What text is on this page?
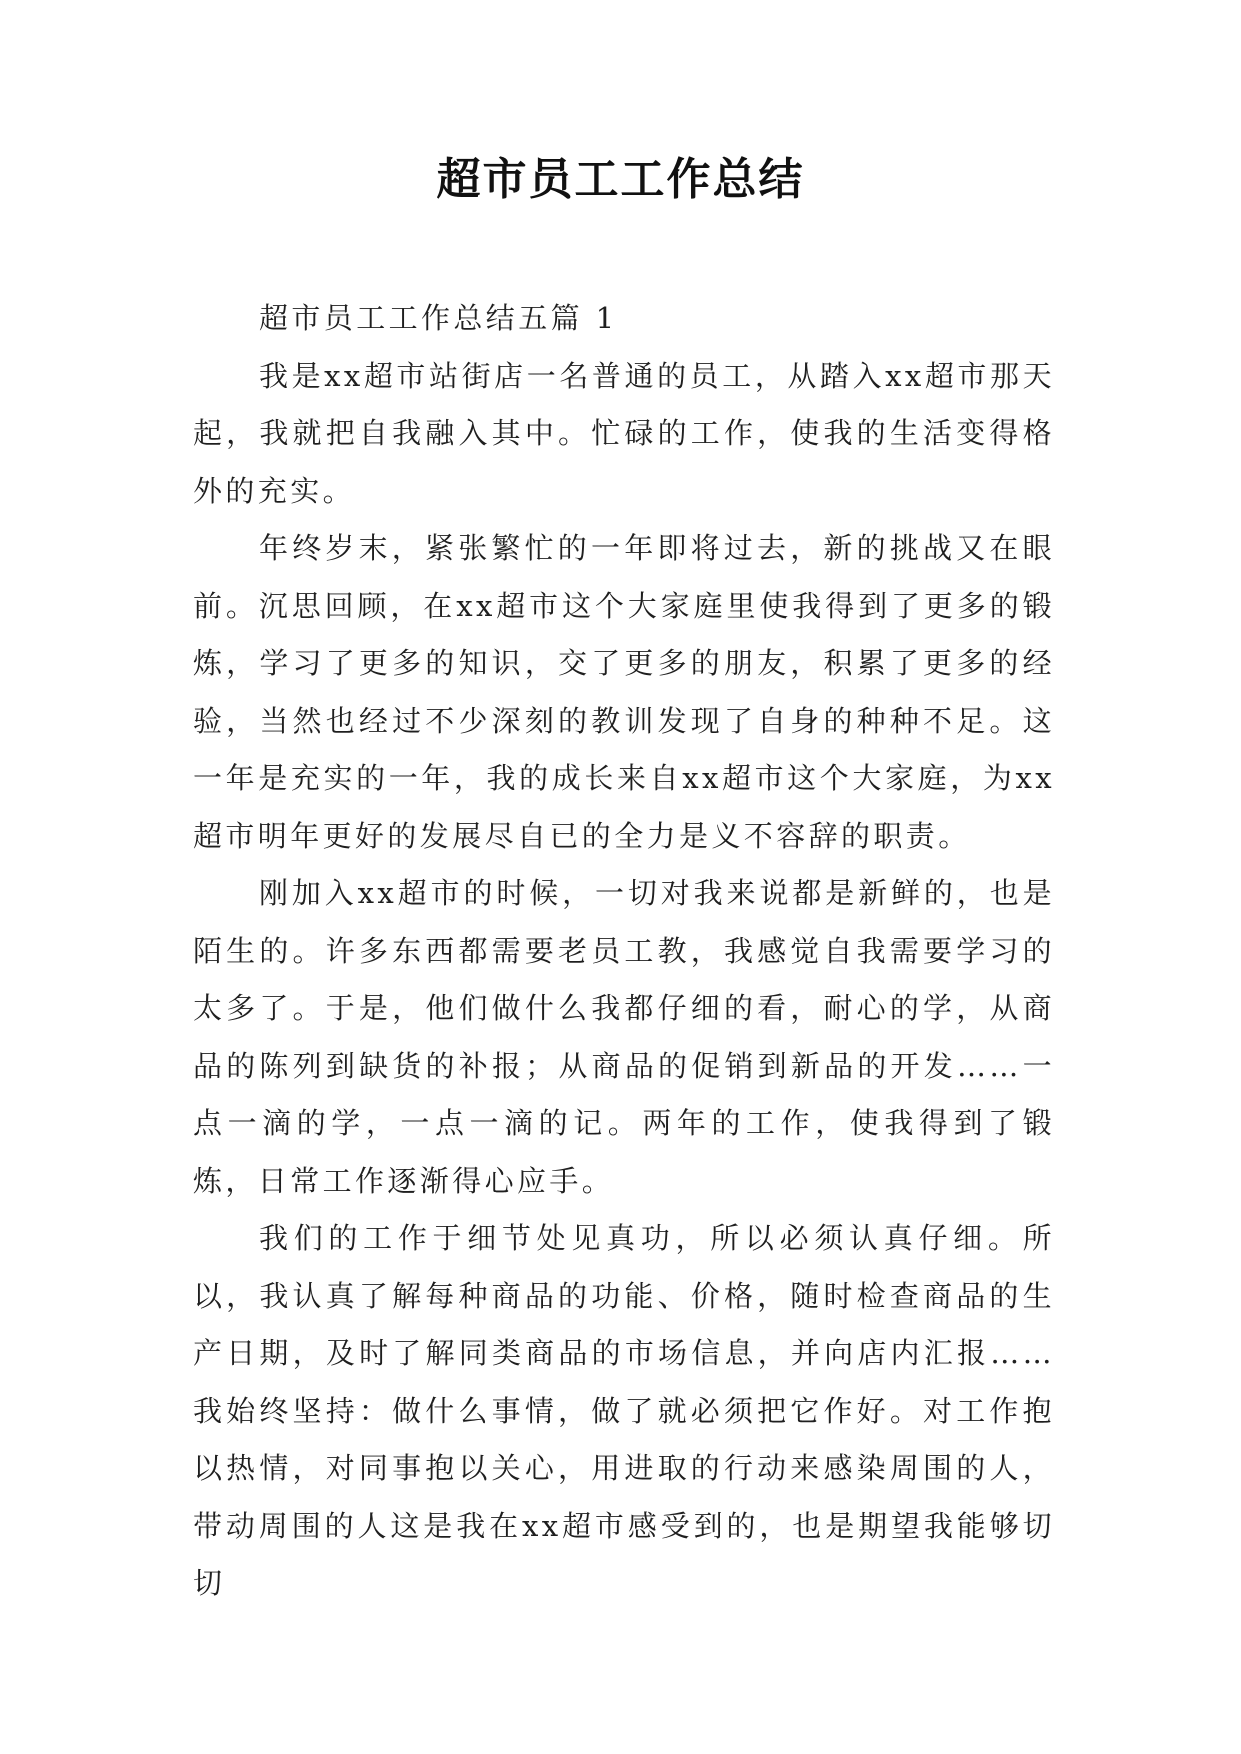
超市员工工作总结

超市员工工作总结五篇 1

我是xx超市站街店一名普通的员工，从踏入xx超市那天起，我就把自我融入其中。忙碌的工作，使我的生活变得格外的充实。

年终岁末，紧张繁忙的一年即将过去，新的挑战又在眼前。沉思回顾，在xx超市这个大家庭里使我得到了更多的锻炼，学习了更多的知识，交了更多的朋友，积累了更多的经验，当然也经过不少深刻的教训发现了自身的种种不足。这一年是充实的一年，我的成长来自xx超市这个大家庭，为xx超市明年更好的发展尽自已的全力是义不容辞的职责。

刚加入xx超市的时候，一切对我来说都是新鲜的，也是陌生的。许多东西都需要老员工教，我感觉自我需要学习的太多了。于是，他们做什么我都仔细的看，耐心的学，从商品的陈列到缺货的补报；从商品的促销到新品的开发……一点一滴的学，一点一滴的记。两年的工作，使我得到了锻炼，日常工作逐渐得心应手。

我们的工作于细节处见真功，所以必须认真仔细。所以，我认真了解每种商品的功能、价格，随时检查商品的生产日期，及时了解同类商品的市场信息，并向店内汇报……我始终坚持：做什么事情，做了就必须把它作好。对工作抱以热情，对同事抱以关心，用进取的行动来感染周围的人，带动周围的人这是我在xx超市感受到的，也是期望我能够切切
